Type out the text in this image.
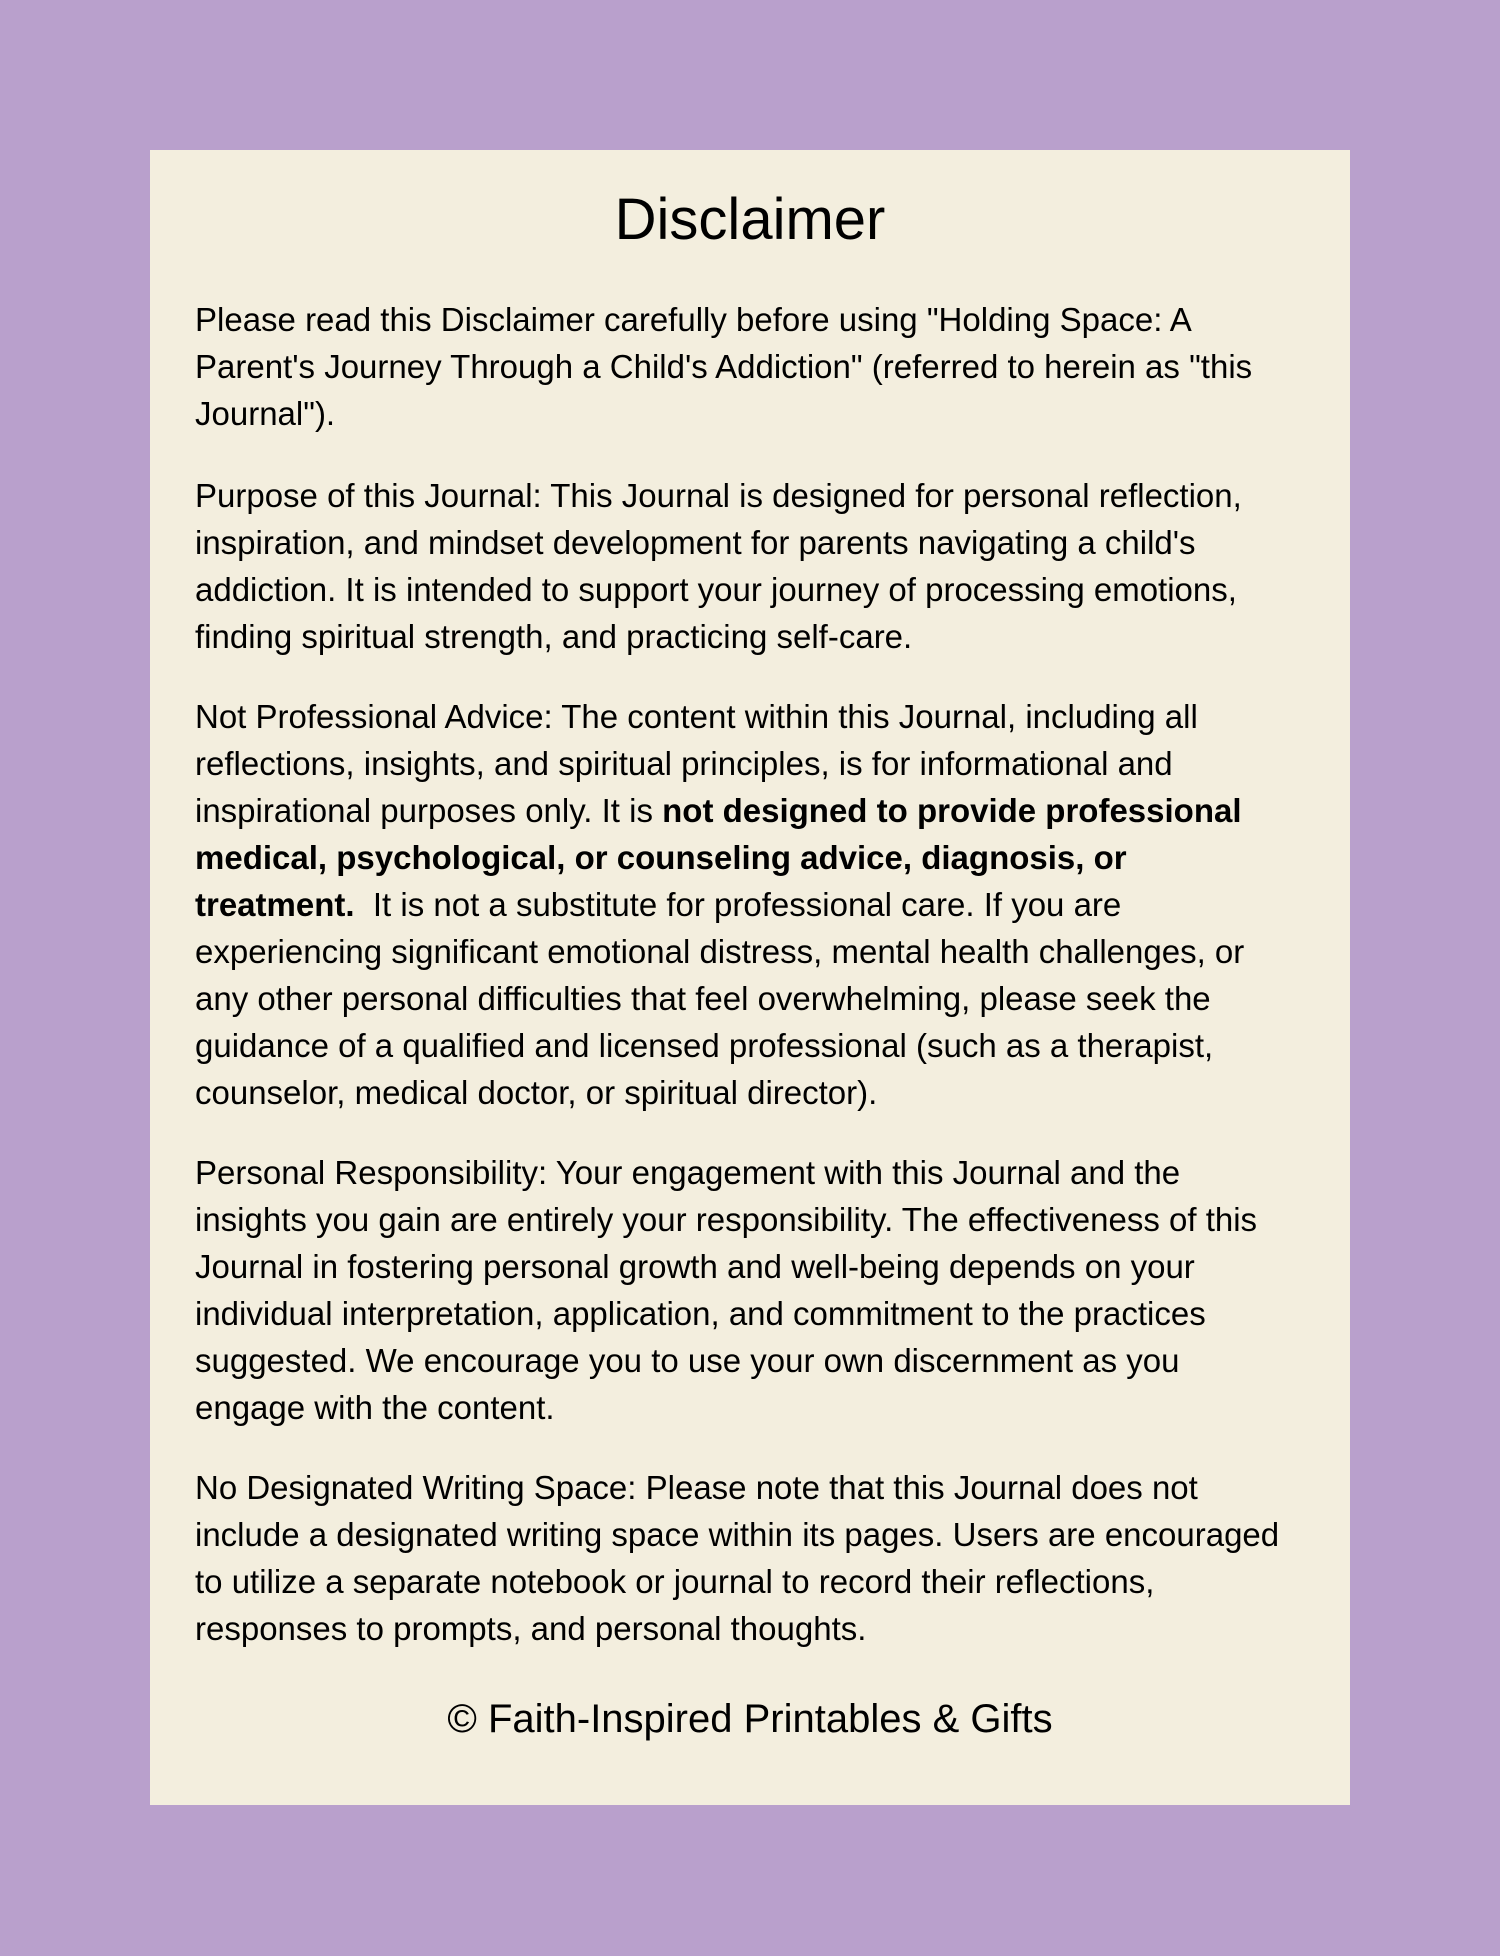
Disclaimer

Please read this Disclaimer carefully before using "Holding Space: A Parent's Journey Through a Child's Addiction" (referred to herein as "this Journal").

Purpose of this Journal: This Journal is designed for personal reflection, inspiration, and mindset development for parents navigating a child's addiction. It is intended to support your journey of processing emotions, finding spiritual strength, and practicing self-care.

Not Professional Advice: The content within this Journal, including all reflections, insights, and spiritual principles, is for informational and inspirational purposes only. It is not designed to provide professional medical, psychological, or counseling advice, diagnosis, or treatment.  It is not a substitute for professional care. If you are experiencing significant emotional distress, mental health challenges, or any other personal difficulties that feel overwhelming, please seek the guidance of a qualified and licensed professional (such as a therapist, counselor, medical doctor, or spiritual director).

Personal Responsibility: Your engagement with this Journal and the insights you gain are entirely your responsibility. The effectiveness of this Journal in fostering personal growth and well-being depends on your individual interpretation, application, and commitment to the practices suggested. We encourage you to use your own discernment as you engage with the content.

No Designated Writing Space: Please note that this Journal does not include a designated writing space within its pages. Users are encouraged to utilize a separate notebook or journal to record their reflections, responses to prompts, and personal thoughts.

© Faith-Inspired Printables & Gifts
